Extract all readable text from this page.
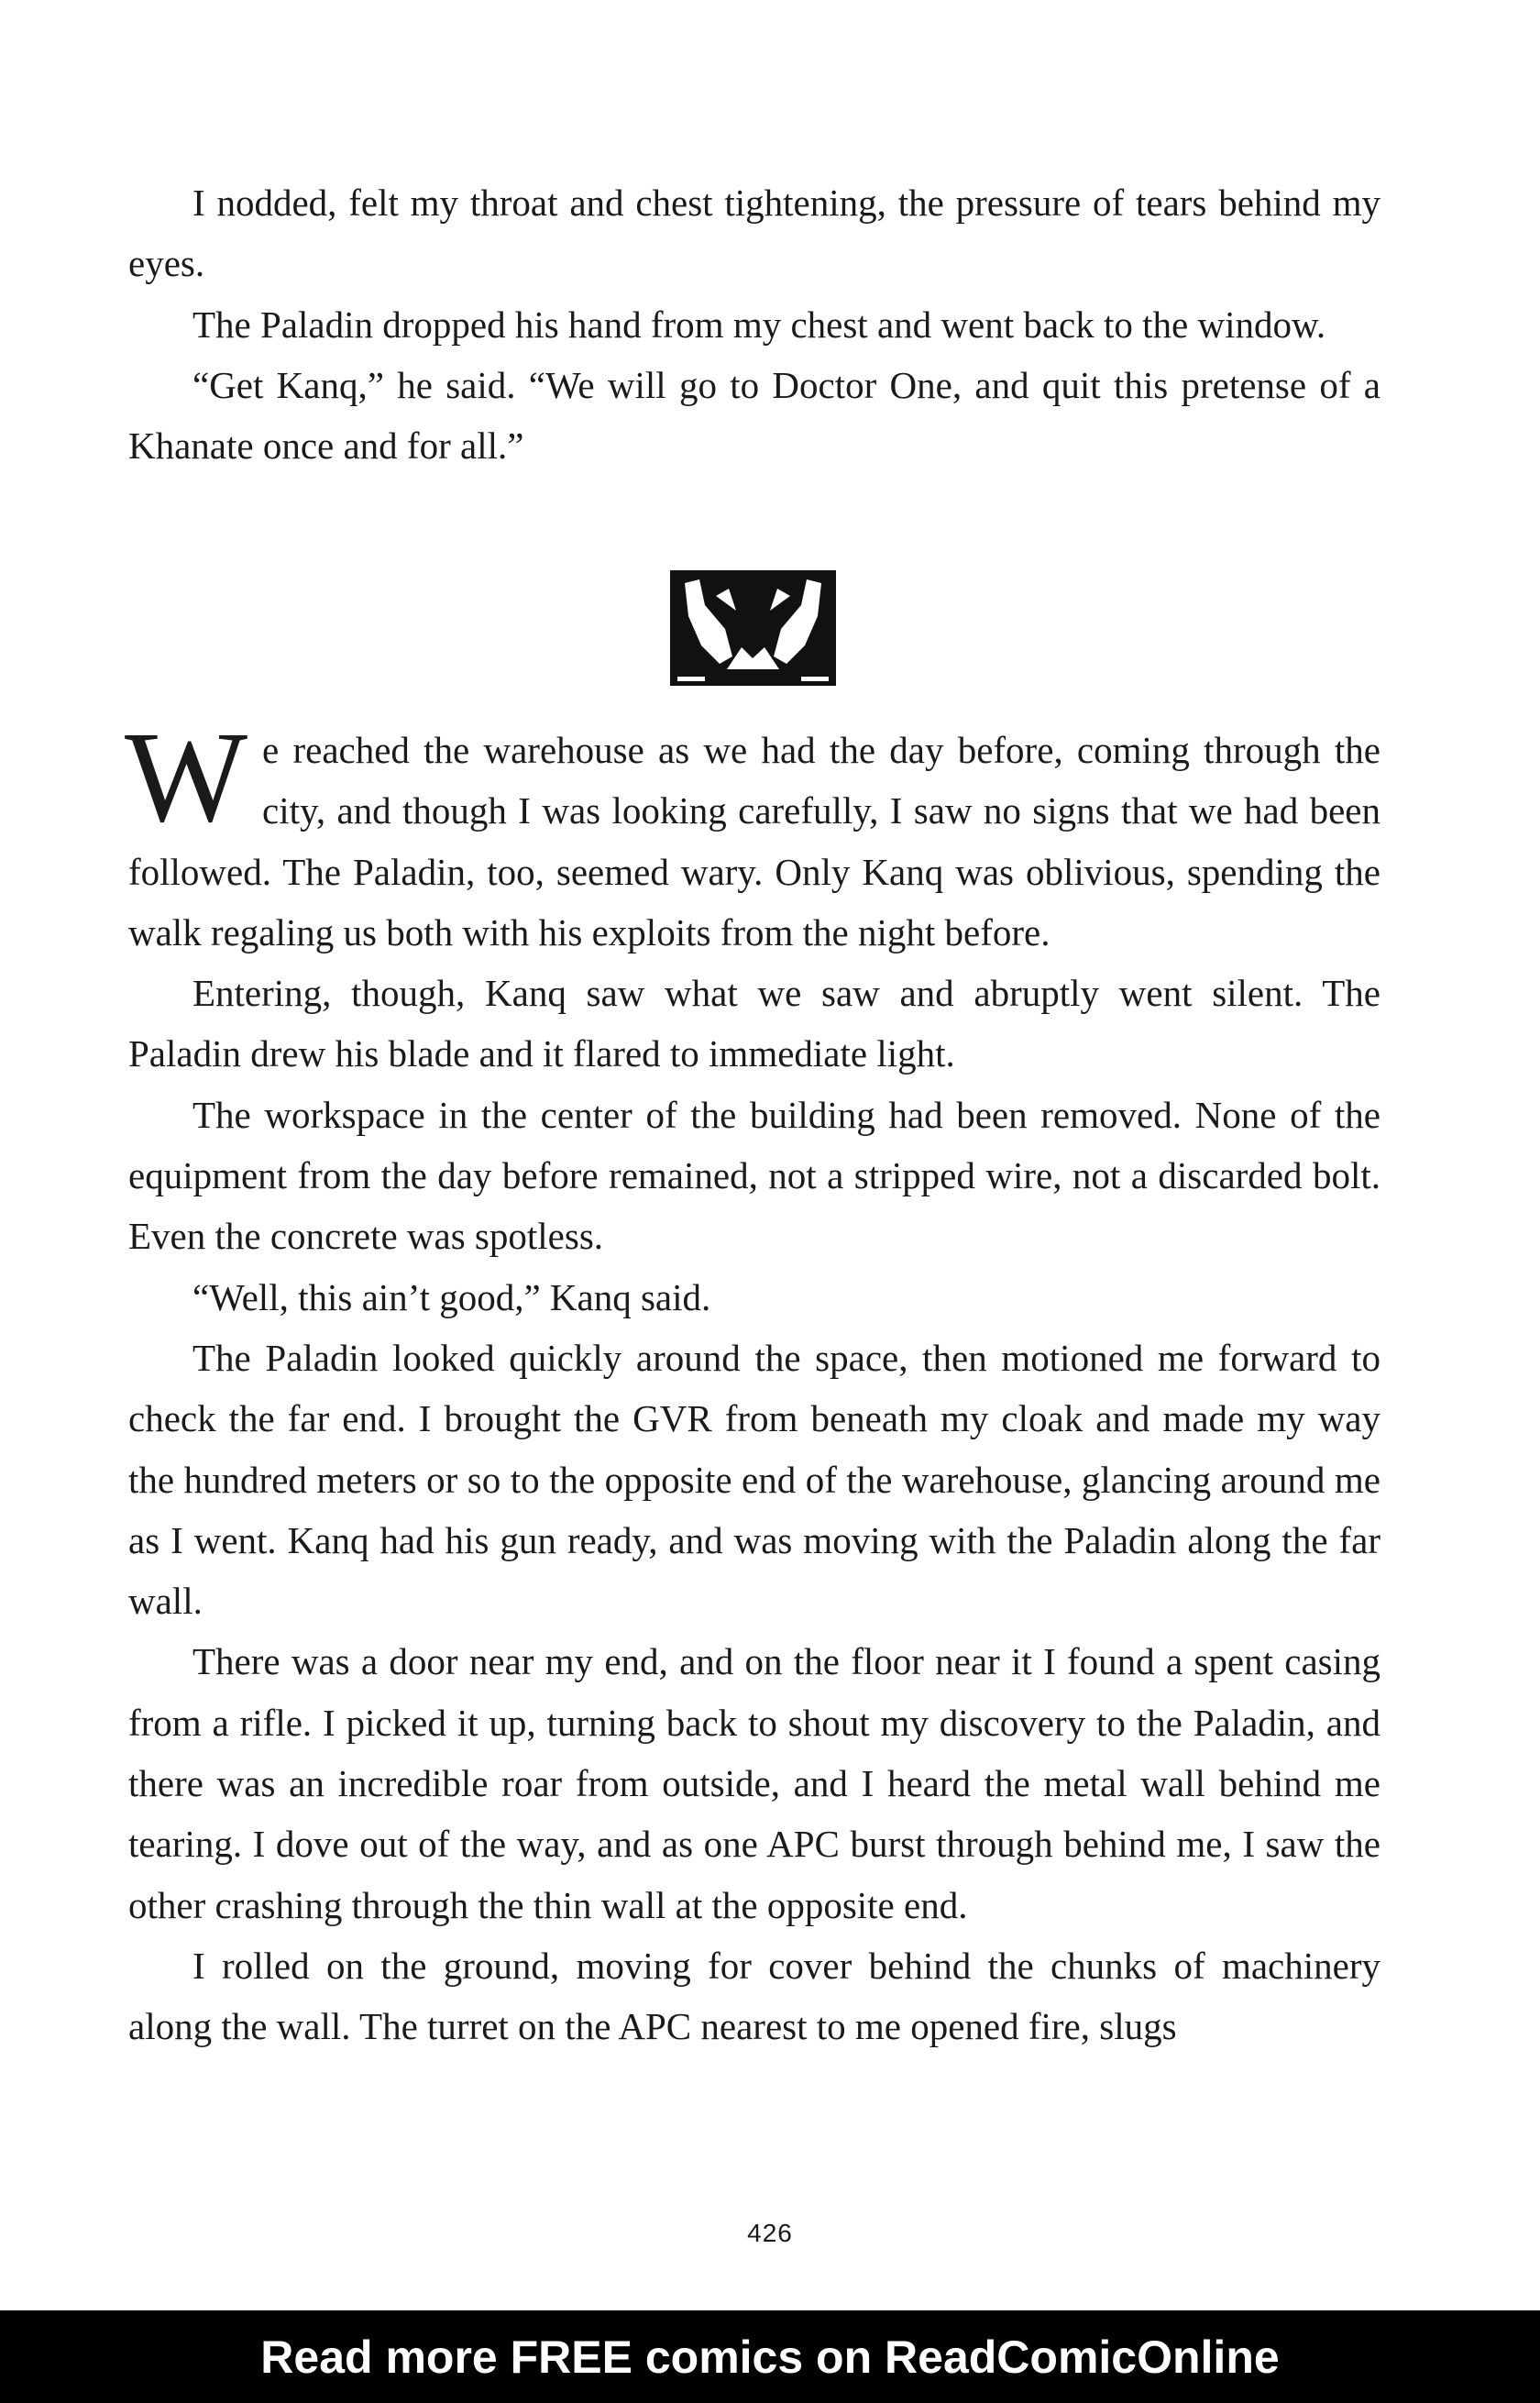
I nodded, felt my throat and chest tightening, the pressure of tears behind my eyes.

The Paladin dropped his hand from my chest and went back to the window.

“Get Kanq,” he said. “We will go to Doctor One, and quit this pretense of a Khanate once and for all.”

We reached the warehouse as we had the day before, coming through the city, and though I was looking carefully, I saw no signs that we had been followed. The Paladin, too, seemed wary. Only Kanq was oblivious, spending the walk regaling us both with his exploits from the night before.

Entering, though, Kanq saw what we saw and abruptly went silent. The Paladin drew his blade and it flared to immediate light.

The workspace in the center of the building had been removed. None of the equipment from the day before remained, not a stripped wire, not a discarded bolt. Even the concrete was spotless.

“Well, this ain’t good,” Kanq said.

The Paladin looked quickly around the space, then motioned me forward to check the far end. I brought the GVR from beneath my cloak and made my way the hundred meters or so to the opposite end of the warehouse, glancing around me as I went. Kanq had his gun ready, and was moving with the Paladin along the far wall.

There was a door near my end, and on the floor near it I found a spent casing from a rifle. I picked it up, turning back to shout my discovery to the Paladin, and there was an incredible roar from outside, and I heard the metal wall behind me tearing. I dove out of the way, and as one APC burst through behind me, I saw the other crashing through the thin wall at the opposite end.

I rolled on the ground, moving for cover behind the chunks of machinery along the wall. The turret on the APC nearest to me opened fire, slugs

426
Read more FREE comics on ReadComicOnline
